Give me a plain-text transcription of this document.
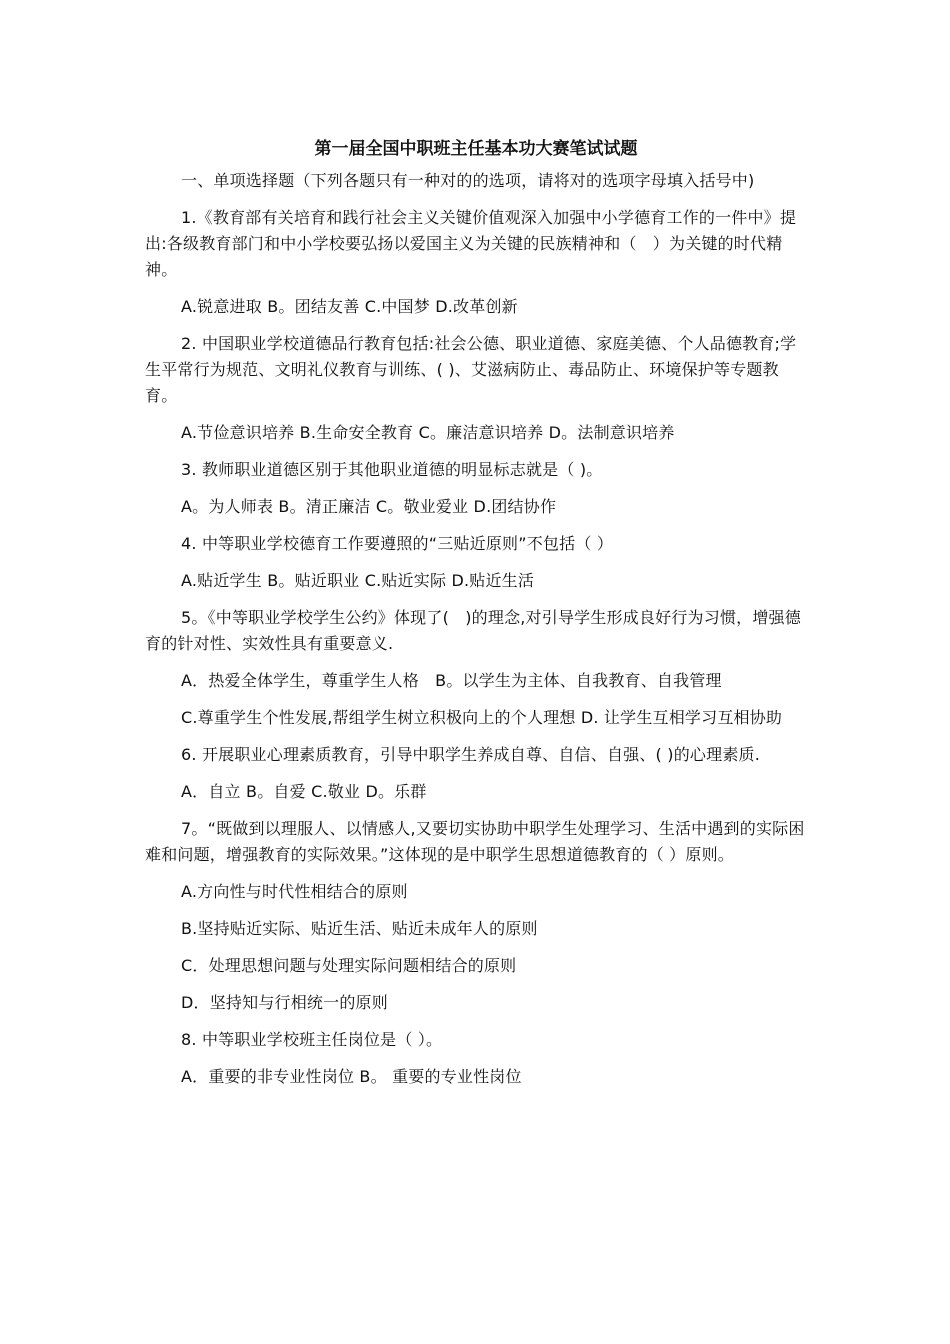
第一届全国中职班主任基本功大赛笔试试题
一、单项选择题（下列各题只有一种对的的选项，请将对的选项字母填入括号中)
1.《教育部有关培育和践行社会主义关键价值观深入加强中小学德育工作的一件中》提出:各级教育部门和中小学校要弘扬以爱国主义为关键的民族精神和（　）为关键的时代精神。
A.锐意进取 B。团结友善 C.中国梦 D.改革创新
2. 中国职业学校道德品行教育包括:社会公德、职业道德、家庭美德、个人品德教育;学生平常行为规范、文明礼仪教育与训练、( )、艾滋病防止、毒品防止、环境保护等专题教育。
A.节俭意识培养 B.生命安全教育 C。廉洁意识培养 D。法制意识培养
3. 教师职业道德区别于其他职业道德的明显标志就是（ )。
A。为人师表 B。清正廉洁 C。敬业爱业 D.团结协作
4. 中等职业学校德育工作要遵照的“三贴近原则”不包括（ ）
A.贴近学生 B。贴近职业 C.贴近实际 D.贴近生活
5。《中等职业学校学生公约》体现了(　)的理念,对引导学生形成良好行为习惯，增强德育的针对性、实效性具有重要意义.
A．热爱全体学生，尊重学生人格　B。以学生为主体、自我教育、自我管理
C.尊重学生个性发展,帮组学生树立积极向上的个人理想 D. 让学生互相学习互相协助
6. 开展职业心理素质教育，引导中职学生养成自尊、自信、自强、( )的心理素质.
A．自立 B。自爱 C.敬业 D。乐群
7。“既做到以理服人、以情感人,又要切实协助中职学生处理学习、生活中遇到的实际困难和问题，增强教育的实际效果。”这体现的是中职学生思想道德教育的（ ）原则。
A.方向性与时代性相结合的原则
B.坚持贴近实际、贴近生活、贴近未成年人的原则
C．处理思想问题与处理实际问题相结合的原则
D．坚持知与行相统一的原则
8. 中等职业学校班主任岗位是（ ）。
A．重要的非专业性岗位 B。 重要的专业性岗位
